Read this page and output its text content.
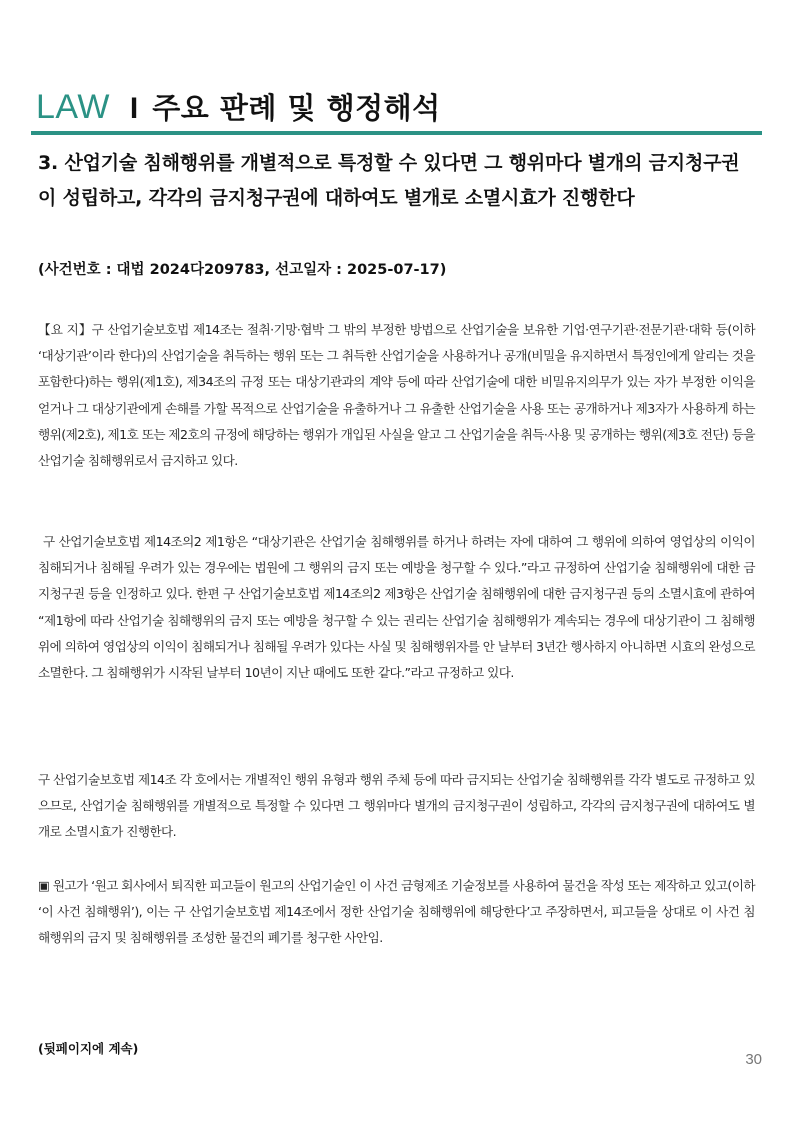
LAW I 주요 판례 및 행정해석
3. 산업기술 침해행위를 개별적으로 특정할 수 있다면 그 행위마다 별개의 금지청구권이 성립하고, 각각의 금지청구권에 대하여도 별개로 소멸시효가 진행한다

(사건번호 : 대법 2024다209783, 선고일자 : 2025-07-17)

【요 지】구 산업기술보호법 제14조는 절취·기망·협박 그 밖의 부정한 방법으로 산업기술을 보유한 기업·연구기관·전문기관·대학 등(이하 ‘대상기관’이라 한다)의 산업기술을 취득하는 행위 또는 그 취득한 산업기술을 사용하거나 공개(비밀을 유지하면서 특정인에게 알리는 것을 포함한다)하는 행위(제1호), 제34조의 규정 또는 대상기관과의 계약 등에 따라 산업기술에 대한 비밀유지의무가 있는 자가 부정한 이익을 얻거나 그 대상기관에게 손해를 가할 목적으로 산업기술을 유출하거나 그 유출한 산업기술을 사용 또는 공개하거나 제3자가 사용하게 하는 행위(제2호), 제1호 또는 제2호의 규정에 해당하는 행위가 개입된 사실을 알고 그 산업기술을 취득·사용 및 공개하는 행위(제3호 전단) 등을 산업기술 침해행위로서 금지하고 있다.

구 산업기술보호법 제14조의2 제1항은 “대상기관은 산업기술 침해행위를 하거나 하려는 자에 대하여 그 행위에 의하여 영업상의 이익이 침해되거나 침해될 우려가 있는 경우에는 법원에 그 행위의 금지 또는 예방을 청구할 수 있다.”라고 규정하여 산업기술 침해행위에 대한 금지청구권 등을 인정하고 있다. 한편 구 산업기술보호법 제14조의2 제3항은 산업기술 침해행위에 대한 금지청구권 등의 소멸시효에 관하여 “제1항에 따라 산업기술 침해행위의 금지 또는 예방을 청구할 수 있는 권리는 산업기술 침해행위가 계속되는 경우에 대상기관이 그 침해행위에 의하여 영업상의 이익이 침해되거나 침해될 우려가 있다는 사실 및 침해행위자를 안 날부터 3년간 행사하지 아니하면 시효의 완성으로 소멸한다. 그 침해행위가 시작된 날부터 10년이 지난 때에도 또한 같다.”라고 규정하고 있다.

구 산업기술보호법 제14조 각 호에서는 개별적인 행위 유형과 행위 주체 등에 따라 금지되는 산업기술 침해행위를 각각 별도로 규정하고 있으므로, 산업기술 침해행위를 개별적으로 특정할 수 있다면 그 행위마다 별개의 금지청구권이 성립하고, 각각의 금지청구권에 대하여도 별개로 소멸시효가 진행한다.

▣ 원고가 ‘원고 회사에서 퇴직한 피고들이 원고의 산업기술인 이 사건 금형제조 기술정보를 사용하여 물건을 작성 또는 제작하고 있고(이하 ‘이 사건 침해행위’), 이는 구 산업기술보호법 제14조에서 정한 산업기술 침해행위에 해당한다’고 주장하면서, 피고들을 상대로 이 사건 침해행위의 금지 및 침해행위를 조성한 물건의 폐기를 청구한 사안임.

(뒷페이지에 계속)

30
